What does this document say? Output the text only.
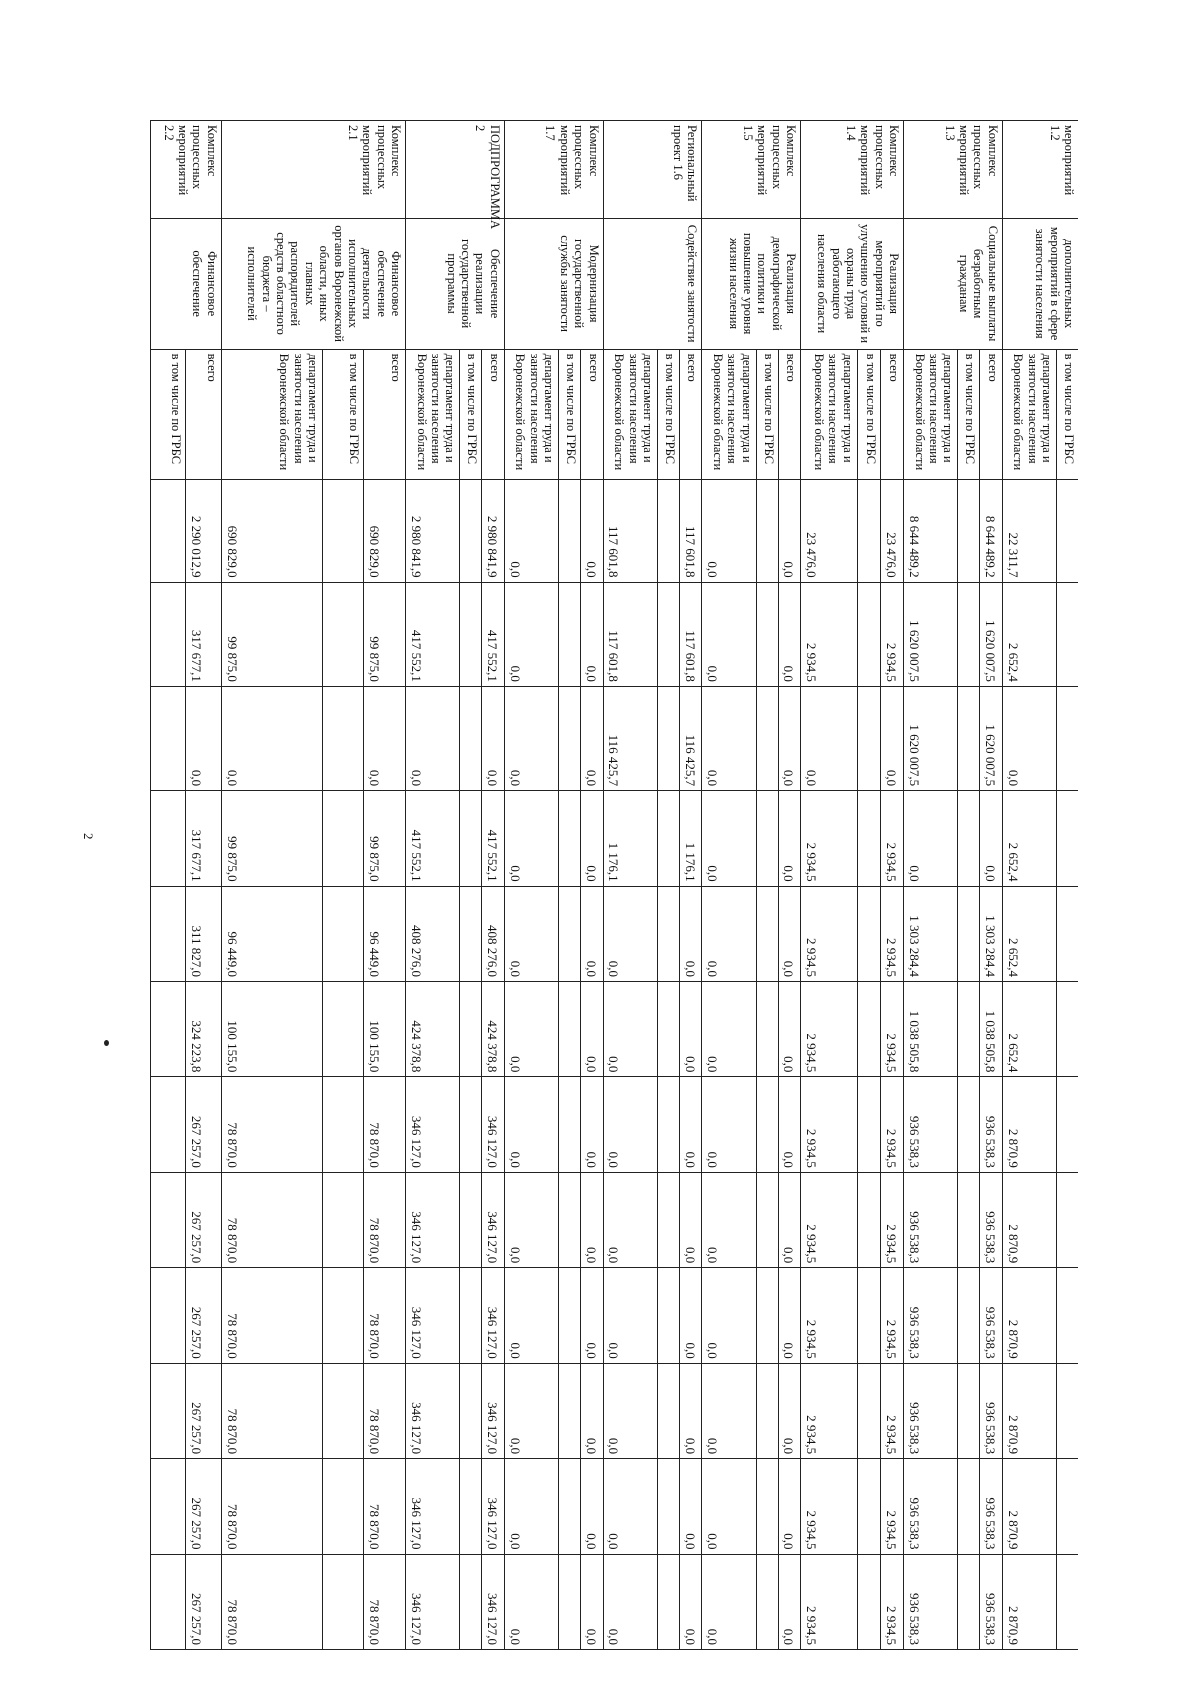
2
мероприятий 1.2	дополнительных мероприятий в сфере занятости населения	в том числе по ГРБС												
		департамент труда и занятости населения Воронежской области	22 311,7	2 652,4	0,0	2 652,4	2 652,4	2 652,4	2 870,9	2 870,9	2 870,9	2 870,9	2 870,9	2 870,9
Комплекс процессных мероприятий 1.3	Социальные выплаты безработным гражданам	всего	8 644 489,2	1 620 007,5	1 620 007,5	0,0	1 303 284,4	1 038 505,8	936 538,3	936 538,3	936 538,3	936 538,3	936 538,3	936 538,3
		в том числе по ГРБС												
		департамент труда и занятости населения Воронежской области	8 644 489,2	1 620 007,5	1 620 007,5	0,0	1 303 284,4	1 038 505,8	936 538,3	936 538,3	936 538,3	936 538,3	936 538,3	936 538,3
Комплекс процессных мероприятий 1.4	Реализация мероприятий по улучшению условий и охраны труда работающего населения области	всего	23 476,0	2 934,5	0,0	2 934,5	2 934,5	2 934,5	2 934,5	2 934,5	2 934,5	2 934,5	2 934,5	2 934,5
		в том числе по ГРБС												
		департамент труда и занятости населения Воронежской области	23 476,0	2 934,5	0,0	2 934,5	2 934,5	2 934,5	2 934,5	2 934,5	2 934,5	2 934,5	2 934,5	2 934,5
Комплекс процессных мероприятий 1.5	Реализация демографической политики и повышение уровня жизни населения	всего	0,0	0,0	0,0	0,0	0,0	0,0	0,0	0,0	0,0	0,0	0,0	0,0
		в том числе по ГРБС												
		департамент труда и занятости населения Воронежской области	0,0	0,0	0,0	0,0	0,0	0,0	0,0	0,0	0,0	0,0	0,0	0,0
Региональный проект 1.6	Содействие занятости	всего	117 601,8	117 601,8	116 425,7	1 176,1	0,0	0,0	0,0	0,0	0,0	0,0	0,0	0,0
		в том числе по ГРБС												
		департамент труда и занятости населения Воронежской области	117 601,8	117 601,8	116 425,7	1 176,1	0,0	0,0	0,0	0,0	0,0	0,0	0,0	0,0
Комплекс процессных мероприятий 1.7	Модернизация государственной службы занятости	всего	0,0	0,0	0,0	0,0	0,0	0,0	0,0	0,0	0,0	0,0	0,0	0,0
		в том числе по ГРБС												
		департамент труда и занятости населения Воронежской области	0,0	0,0	0,0	0,0	0,0	0,0	0,0	0,0	0,0	0,0	0,0	0,0
ПОДПРОГРАММА 2	Обеспечение реализации государственной программы	всего	2 980 841,9	417 552,1	0,0	417 552,1	408 276,0	424 378,8	346 127,0	346 127,0	346 127,0	346 127,0	346 127,0	346 127,0
		в том числе по ГРБС												
		департамент труда и занятости населения Воронежской области	2 980 841,9	417 552,1	0,0	417 552,1	408 276,0	424 378,8	346 127,0	346 127,0	346 127,0	346 127,0	346 127,0	346 127,0
Комплекс процессных мероприятий 2.1	Финансовое обеспечение деятельности исполнительных органов Воронежской области, иных главных распорядителей средств областного бюджета – исполнителей	всего	690 829,0	99 875,0	0,0	99 875,0	96 449,0	100 155,0	78 870,0	78 870,0	78 870,0	78 870,0	78 870,0	78 870,0
		в том числе по ГРБС												
		департамент труда и занятости населения Воронежской области	690 829,0	99 875,0	0,0	99 875,0	96 449,0	100 155,0	78 870,0	78 870,0	78 870,0	78 870,0	78 870,0	78 870,0
Комплекс процессных мероприятий 2.2	Финансовое обеспечение	всего	2 290 012,9	317 677,1	0,0	317 677,1	311 827,0	324 223,8	267 257,0	267 257,0	267 257,0	267 257,0	267 257,0	267 257,0
		в том числе по ГРБС												
